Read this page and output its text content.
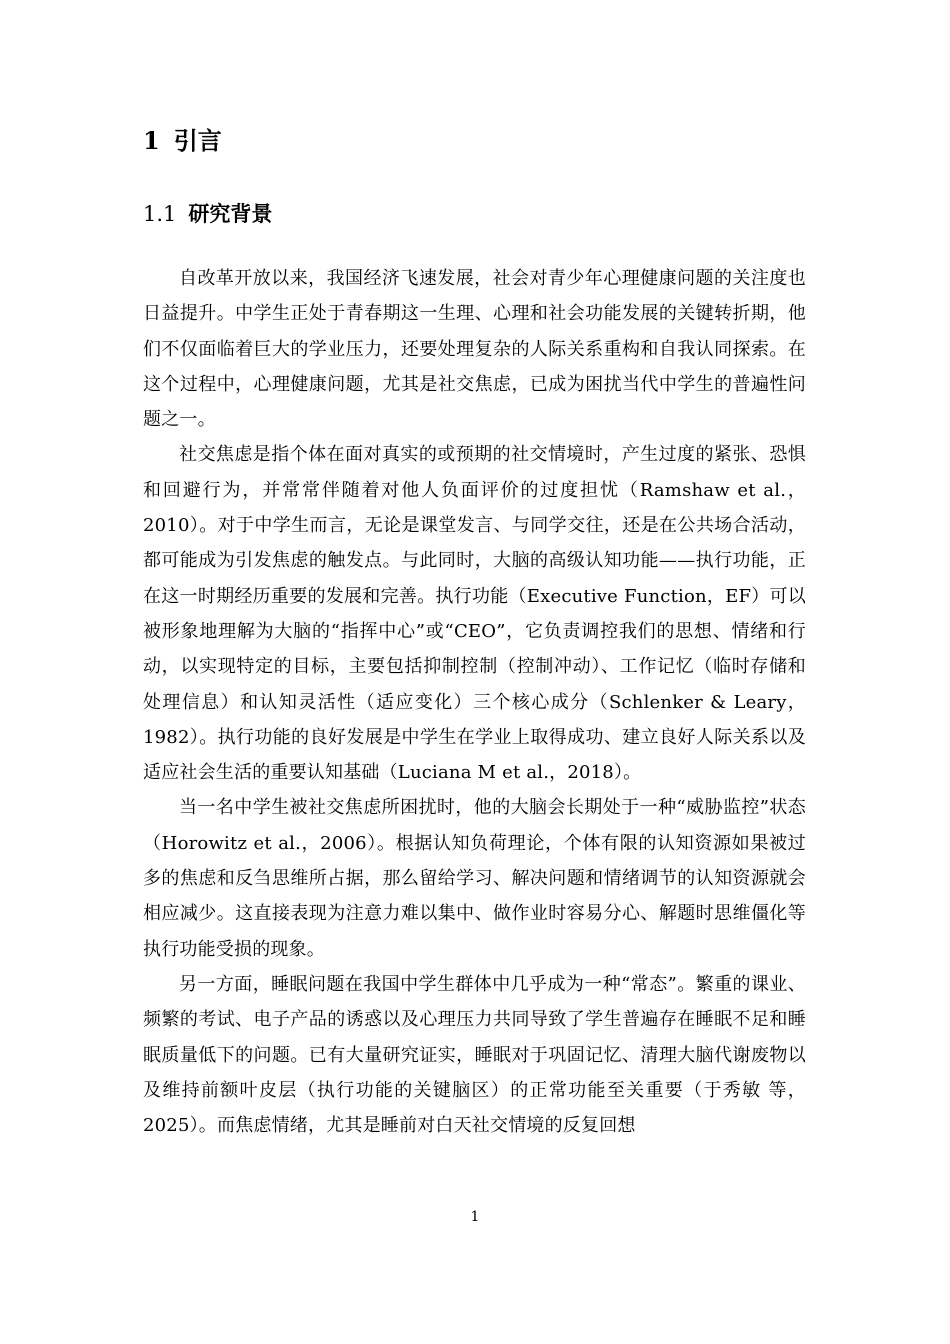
1 引言
1.1 研究背景

自改革开放以来，我国经济飞速发展，社会对青少年心理健康问题的关注度也日益提升。中学生正处于青春期这一生理、心理和社会功能发展的关键转折期，他们不仅面临着巨大的学业压力，还要处理复杂的人际关系重构和自我认同探索。在这个过程中，心理健康问题，尤其是社交焦虑，已成为困扰当代中学生的普遍性问题之一。

社交焦虑是指个体在面对真实的或预期的社交情境时，产生过度的紧张、恐惧和回避行为，并常常伴随着对他人负面评价的过度担忧（Ramshaw et al.，2010）。对于中学生而言，无论是课堂发言、与同学交往，还是在公共场合活动，都可能成为引发焦虑的触发点。与此同时，大脑的高级认知功能——执行功能，正在这一时期经历重要的发展和完善。执行功能（Executive Function，EF）可以被形象地理解为大脑的“指挥中心”或“CEO”，它负责调控我们的思想、情绪和行动，以实现特定的目标，主要包括抑制控制（控制冲动）、工作记忆（临时存储和处理信息）和认知灵活性（适应变化）三个核心成分（Schlenker & Leary，1982）。执行功能的良好发展是中学生在学业上取得成功、建立良好人际关系以及适应社会生活的重要认知基础（Luciana M et al.，2018）。

当一名中学生被社交焦虑所困扰时，他的大脑会长期处于一种“威胁监控”状态（Horowitz et al.，2006）。根据认知负荷理论，个体有限的认知资源如果被过多的焦虑和反刍思维所占据，那么留给学习、解决问题和情绪调节的认知资源就会相应减少。这直接表现为注意力难以集中、做作业时容易分心、解题时思维僵化等执行功能受损的现象。

另一方面，睡眠问题在我国中学生群体中几乎成为一种“常态”。繁重的课业、频繁的考试、电子产品的诱惑以及心理压力共同导致了学生普遍存在睡眠不足和睡眠质量低下的问题。已有大量研究证实，睡眠对于巩固记忆、清理大脑代谢废物以及维持前额叶皮层（执行功能的关键脑区）的正常功能至关重要（于秀敏 等，2025）。而焦虑情绪，尤其是睡前对白天社交情境的反复回想

1
